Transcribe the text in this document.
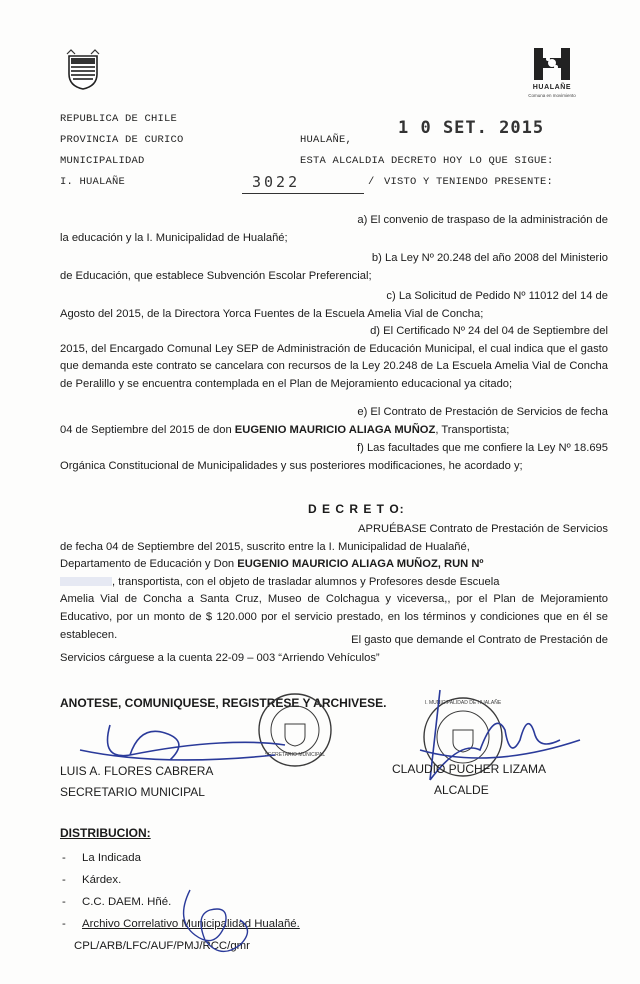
HUALAÑE
Comuna en movimiento
REPUBLICA DE CHILE
PROVINCIA DE CURICO
MUNICIPALIDAD
I. HUALAÑE
HUALAÑE,
1 0 SET. 2015
ESTA ALCALDIA DECRETO HOY LO QUE SIGUE:
3022	/ VISTO Y TENIENDO PRESENTE:
a) El convenio de traspaso de la administración de
la educación y la I. Municipalidad de Hualañé;
b) La Ley Nº 20.248 del año 2008 del Ministerio
de Educación, que establece Subvención Escolar Preferencial;
c) La Solicitud de Pedido Nº 11012 del 14 de
Agosto del 2015, de la Directora Yorca Fuentes de la Escuela Amelia Vial de Concha;
d) El Certificado Nº 24 del 04 de Septiembre del
2015, del Encargado Comunal Ley SEP de Administración de Educación Municipal, el cual indica que el gasto que demanda este contrato se cancelara con recursos de la Ley 20.248 de La Escuela Amelia Vial de Concha de Peralillo y se encuentra contemplada en el Plan de Mejoramiento educacional ya citado;
e) El Contrato de Prestación de Servicios de fecha
04 de Septiembre del 2015 de don EUGENIO MAURICIO ALIAGA MUÑOZ, Transportista;
f) Las facultades que me confiere la Ley Nº 18.695
Orgánica Constitucional de Municipalidades y sus posteriores modificaciones, he acordado y;
D E C R E T O:
APRUÉBASE Contrato de Prestación de Servicios
de fecha 04 de Septiembre del 2015, suscrito entre la I. Municipalidad de Hualañé,
Departamento de Educación y Don EUGENIO MAURICIO ALIAGA MUÑOZ, RUN Nº
, transportista, con el objeto de trasladar alumnos y Profesores desde Escuela
Amelia Vial de Concha a Santa Cruz, Museo de Colchagua y viceversa,, por el Plan de Mejoramiento Educativo, por un monto de $ 120.000 por el servicio prestado, en los términos y condiciones que en él se establecen.	El gasto que demande el Contrato de Prestación de
Servicios cárguese a la cuenta 22-09 – 003 “Arriendo Vehículos”
ANOTESE, COMUNIQUESE, REGISTRESE Y ARCHIVESE.
SECRETARIO MUNICIPAL
I. MUNICIPALIDAD DE HUALAÑE
LUIS A. FLORES CABRERA
SECRETARIO MUNICIPAL
CLAUDIO PUCHER LIZAMA
ALCALDE
DISTRIBUCION:
- La Indicada
- Kárdex.
- C.C. DAEM. Hñé.
- Archivo Correlativo Municipalidad Hualañé.
CPL/ARB/LFC/AUF/PMJ/RCC/gmr
